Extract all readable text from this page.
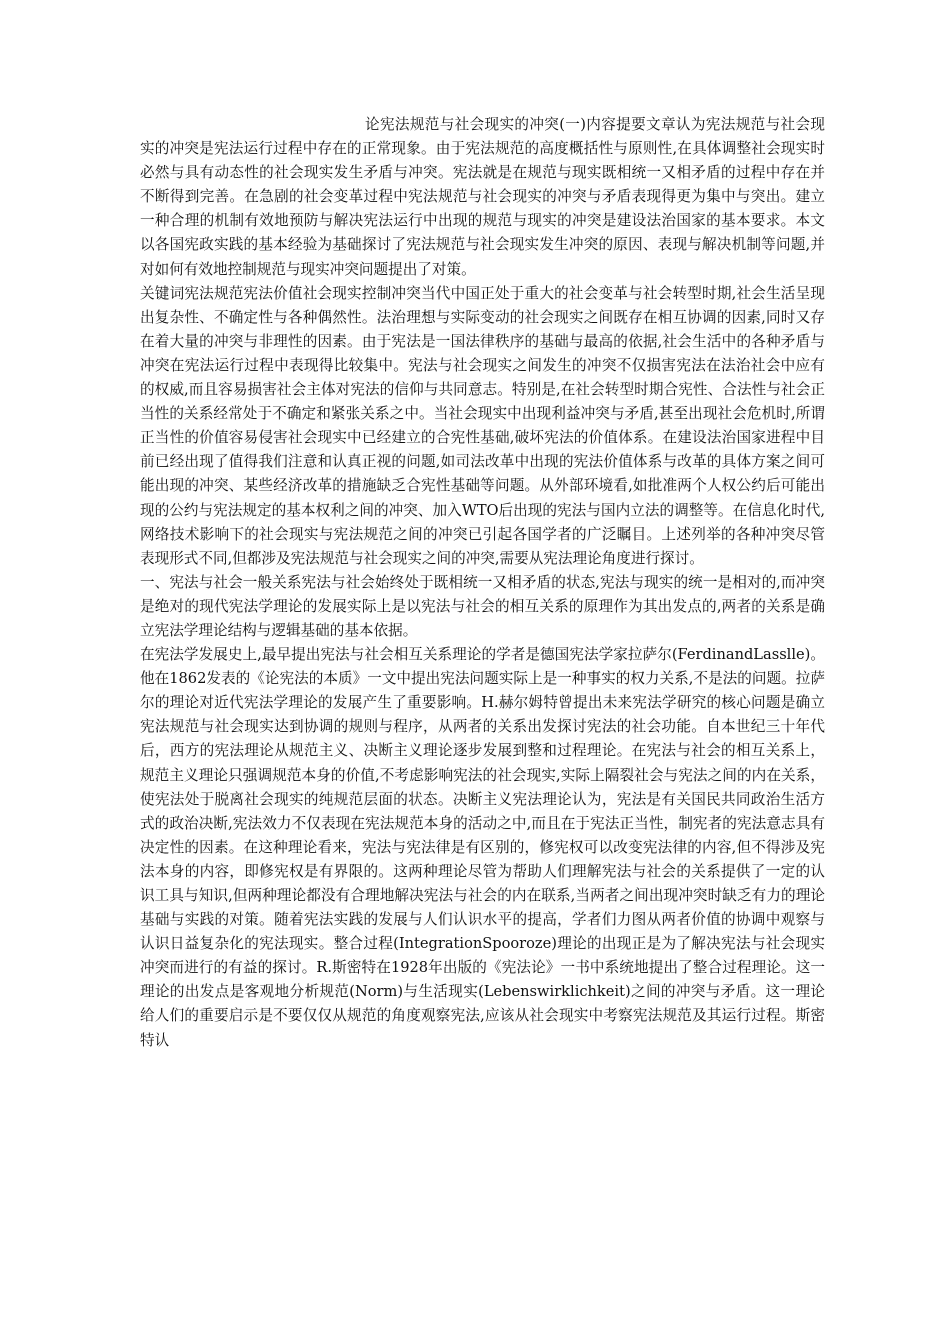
论宪法规范与社会现实的冲突(一)内容提要文章认为宪法规范与社会现实的冲突是宪法运行过程中存在的正常现象。由于宪法规范的高度概括性与原则性,在具体调整社会现实时必然与具有动态性的社会现实发生矛盾与冲突。宪法就是在规范与现实既相统一又相矛盾的过程中存在并不断得到完善。在急剧的社会变革过程中宪法规范与社会现实的冲突与矛盾表现得更为集中与突出。建立一种合理的机制有效地预防与解决宪法运行中出现的规范与现实的冲突是建设法治国家的基本要求。本文以各国宪政实践的基本经验为基础探讨了宪法规范与社会现实发生冲突的原因、表现与解决机制等问题,并对如何有效地控制规范与现实冲突问题提出了对策。

关键词宪法规范宪法价值社会现实控制冲突当代中国正处于重大的社会变革与社会转型时期,社会生活呈现出复杂性、不确定性与各种偶然性。法治理想与实际变动的社会现实之间既存在相互协调的因素,同时又存在着大量的冲突与非理性的因素。由于宪法是一国法律秩序的基础与最高的依据,社会生活中的各种矛盾与冲突在宪法运行过程中表现得比较集中。宪法与社会现实之间发生的冲突不仅损害宪法在法治社会中应有的权威,而且容易损害社会主体对宪法的信仰与共同意志。特别是,在社会转型时期合宪性、合法性与社会正当性的关系经常处于不确定和紧张关系之中。当社会现实中出现利益冲突与矛盾,甚至出现社会危机时,所谓正当性的价值容易侵害社会现实中已经建立的合宪性基础,破坏宪法的价值体系。在建设法治国家进程中目前已经出现了值得我们注意和认真正视的问题,如司法改革中出现的宪法价值体系与改革的具体方案之间可能出现的冲突、某些经济改革的措施缺乏合宪性基础等问题。从外部环境看,如批准两个人权公约后可能出现的公约与宪法规定的基本权利之间的冲突、加入WTO后出现的宪法与国内立法的调整等。在信息化时代,网络技术影响下的社会现实与宪法规范之间的冲突已引起各国学者的广泛瞩目。上述列举的各种冲突尽管表现形式不同,但都涉及宪法规范与社会现实之间的冲突,需要从宪法理论角度进行探讨。

一、宪法与社会一般关系宪法与社会始终处于既相统一又相矛盾的状态,宪法与现实的统一是相对的,而冲突是绝对的现代宪法学理论的发展实际上是以宪法与社会的相互关系的原理作为其出发点的,两者的关系是确立宪法学理论结构与逻辑基础的基本依据。

在宪法学发展史上,最早提出宪法与社会相互关系理论的学者是德国宪法学家拉萨尔(FerdinandLasslle)。他在1862发表的《论宪法的本质》一文中提出宪法问题实际上是一种事实的权力关系,不是法的问题。拉萨尔的理论对近代宪法学理论的发展产生了重要影响。H.赫尔姆特曾提出未来宪法学研究的核心问题是确立宪法规范与社会现实达到协调的规则与程序，从两者的关系出发探讨宪法的社会功能。自本世纪三十年代后，西方的宪法理论从规范主义、决断主义理论逐步发展到整和过程理论。在宪法与社会的相互关系上，规范主义理论只强调规范本身的价值,不考虑影响宪法的社会现实,实际上隔裂社会与宪法之间的内在关系，使宪法处于脱离社会现实的纯规范层面的状态。决断主义宪法理论认为，宪法是有关国民共同政治生活方式的政治决断,宪法效力不仅表现在宪法规范本身的活动之中,而且在于宪法正当性，制宪者的宪法意志具有决定性的因素。在这种理论看来，宪法与宪法律是有区别的，修宪权可以改变宪法律的内容,但不得涉及宪法本身的内容，即修宪权是有界限的。这两种理论尽管为帮助人们理解宪法与社会的关系提供了一定的认识工具与知识,但两种理论都没有合理地解决宪法与社会的内在联系,当两者之间出现冲突时缺乏有力的理论基础与实践的对策。随着宪法实践的发展与人们认识水平的提高，学者们力图从两者价值的协调中观察与认识日益复杂化的宪法现实。整合过程(IntegrationSpooroze)理论的出现正是为了解决宪法与社会现实冲突而进行的有益的探讨。R.斯密特在1928年出版的《宪法论》一书中系统地提出了整合过程理论。这一理论的出发点是客观地分析规范(Norm)与生活现实(Lebenswirklichkeit)之间的冲突与矛盾。这一理论给人们的重要启示是不要仅仅从规范的角度观察宪法,应该从社会现实中考察宪法规范及其运行过程。斯密特认
